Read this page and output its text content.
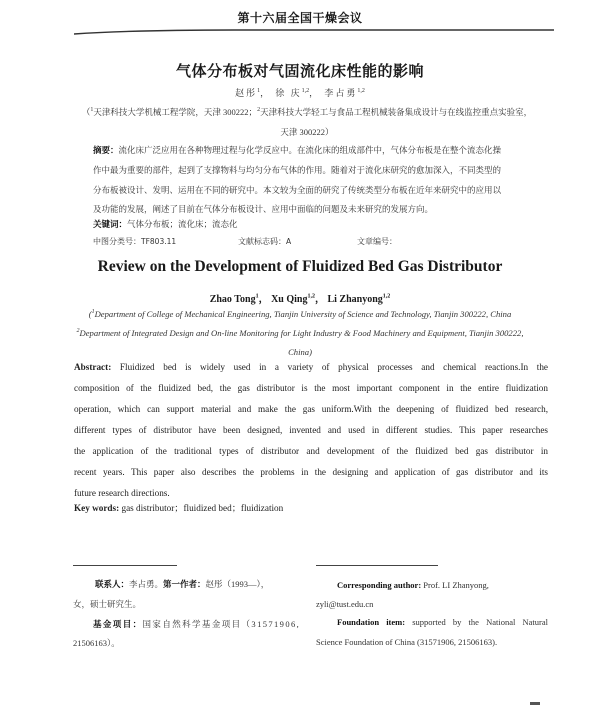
第十六届全国干燥会议
气体分布板对气固流化床性能的影响
赵彤$^1$， 徐 庆$^{1,2}$， 李占勇$^{1,2}$
（$^1$天津科技大学机械工程学院，天津 300222；$^2$天津科技大学轻工与食品工程机械装备集成设计与在线监控重点实验室，
天津 300222）
摘要：流化床广泛应用在各种物理过程与化学反应中。在流化床的组成部件中，气体分布板是在整个流态化操
作中最为重要的部件，起到了支撑物料与均匀分布气体的作用。随着对于流化床研究的愈加深入，不同类型的
分布板被设计、发明、运用在不同的研究中。本文较为全面的研究了传统类型分布板在近年来研究中的应用以
及功能的发展，阐述了目前在气体分布板设计、应用中面临的问题及未来研究的发展方向。
关键词：气体分布板；流化床；流态化
中图分类号：TF803.11	文献标志码：A	文章编号：
Review on the Development of Fluidized Bed Gas Distributor
Zhao Tong$^1$， Xu Qing$^{1,2}$， Li Zhanyong$^{1,2}$
($^1$Department of College of Mechanical Engineering, Tianjin University of Science and Technology, Tianjin 300222, China
$^2$Department of Integrated Design and On-line Monitoring for Light Industry & Food Machinery and Equipment, Tianjin 300222,
China)
Abstract: Fluidized bed is widely used in a variety of physical processes and chemical reactions.In the
composition of the fluidized bed, the gas distributor is the most important component in the entire fluidization
operation, which can support material and make the gas uniform.With the deepening of fluidized bed research,
different types of distributor have been designed, invented and used in different studies. This paper researches
the application of the traditional types of distributor and development of the fluidized bed gas distributor in
recent years. This paper also describes the problems in the designing and application of gas distributor and its
future research directions.
Key words: gas distributor；fluidized bed；fluidization
联系人：李占勇。第一作者：赵彤（1993—），
女，硕士研究生。
基金项目：国家自然科学基金项目（31571906,
21506163）。
Corresponding author: Prof. LI Zhanyong,
zyli@tust.edu.cn
Foundation item: supported by the National Natural
Science Foundation of China (31571906, 21506163).
